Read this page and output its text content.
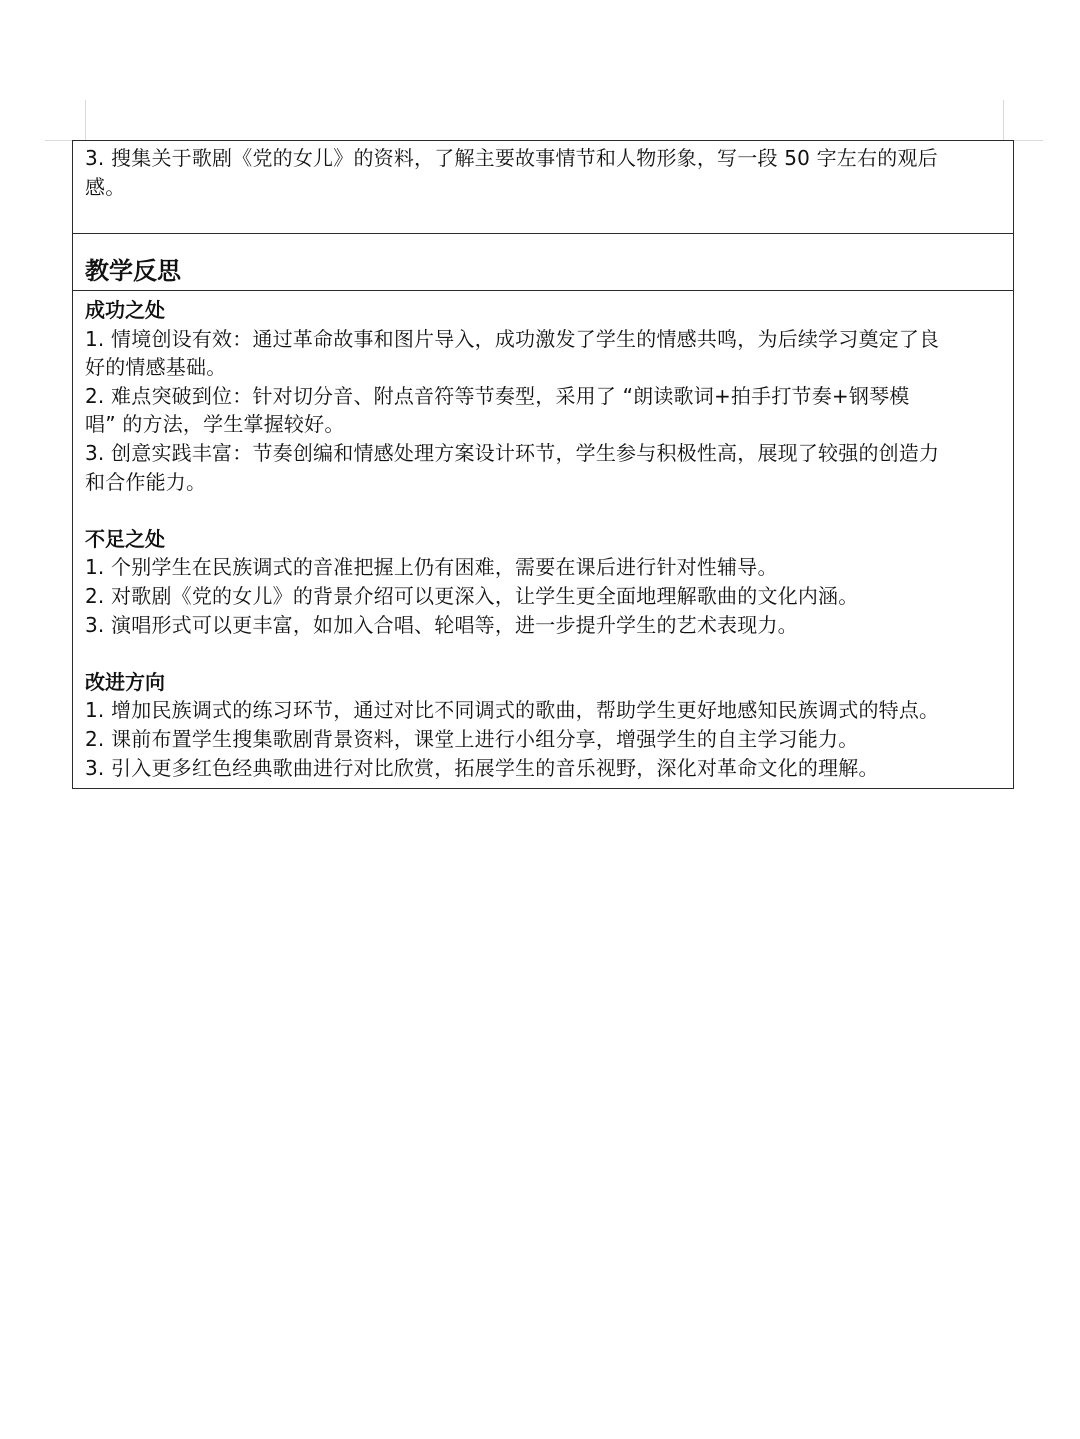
3. 搜集关于歌剧《党的女儿》的资料，了解主要故事情节和人物形象，写一段 50 字左右的观后

感。

教学反思

成功之处

1. 情境创设有效：通过革命故事和图片导入，成功激发了学生的情感共鸣，为后续学习奠定了良

好的情感基础。

2. 难点突破到位：针对切分音、附点音符等节奏型，采用了 “朗读歌词+拍手打节奏+钢琴模

唱” 的方法，学生掌握较好。

3. 创意实践丰富：节奏创编和情感处理方案设计环节，学生参与积极性高，展现了较强的创造力

和合作能力。

不足之处

1. 个别学生在民族调式的音准把握上仍有困难，需要在课后进行针对性辅导。

2. 对歌剧《党的女儿》的背景介绍可以更深入，让学生更全面地理解歌曲的文化内涵。

3. 演唱形式可以更丰富，如加入合唱、轮唱等，进一步提升学生的艺术表现力。

改进方向

1. 增加民族调式的练习环节，通过对比不同调式的歌曲，帮助学生更好地感知民族调式的特点。

2. 课前布置学生搜集歌剧背景资料，课堂上进行小组分享，增强学生的自主学习能力。

3. 引入更多红色经典歌曲进行对比欣赏，拓展学生的音乐视野，深化对革命文化的理解。
